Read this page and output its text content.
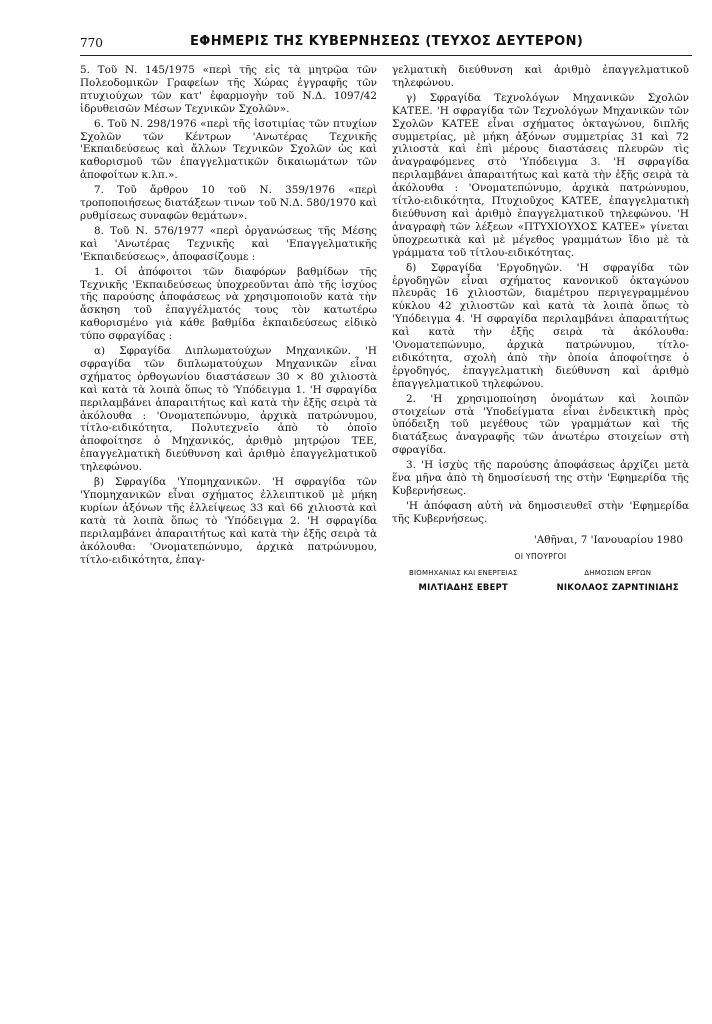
770	ΕΦΗΜΕΡΙΣ ΤΗΣ ΚΥΒΕΡΝΗΣΕΩΣ (ΤΕΥΧΟΣ ΔΕΥΤΕΡΟΝ)

5. Τοῦ Ν. 145/1975 «περὶ τῆς εἰς τὰ μητρῷα τῶν Πολεοδομικῶν Γραφείων τῆς Χώρας ἐγγραφῆς τῶν πτυχιούχων τῶν κατ' ἐφαρμογὴν τοῦ Ν.Δ. 1097/42 ἱδρυθεισῶν Μέσων Τεχνικῶν Σχολῶν».

6. Τοῦ Ν. 298/1976 «περὶ τῆς ἰσοτιμίας τῶν πτυχίων Σχολῶν τῶν Κέντρων 'Ανωτέρας Τεχνικῆς 'Εκπαιδεύσεως καὶ ἄλλων Τεχνικῶν Σχολῶν ὡς καὶ καθορισμοῦ τῶν ἐπαγγελματικῶν δικαιωμάτων τῶν ἀποφοίτων κ.λπ.».

7. Τοῦ ἄρθρου 10 τοῦ Ν. 359/1976 «περὶ τροποποιήσεως διατάξεων τινων τοῦ Ν.Δ. 580/1970 καὶ ρυθμίσεως συναφῶν θεμάτων».

8. Τοῦ Ν. 576/1977 «περὶ ὀργανώσεως τῆς Μέσης καὶ 'Ανωτέρας Τεχνικῆς καὶ 'Επαγγελματικῆς 'Εκπαιδεύσεως», ἀποφασίζουμε :

1. Οἱ ἀπόφοιτοι τῶν διαφόρων βαθμίδων τῆς Τεχνικῆς 'Εκπαιδεύσεως ὑποχρεοῦνται ἀπὸ τῆς ἰσχύος τῆς παρούσης ἀποφάσεως νὰ χρησιμοποιοῦν κατὰ τὴν ἄσκηση τοῦ ἐπαγγέλματός τους τὸν κατωτέρω καθορισμένο γιὰ κάθε βαθμίδα ἐκπαιδεύσεως εἰδικὸ τύπο σφραγίδας :

α) Σφραγίδα Διπλωματούχων Μηχανικῶν. 'Η σφραγίδα τῶν διπλωματούχων Μηχανικῶν εἶναι σχήματος ὀρθογωνίου διαστάσεων 30 × 80 χιλιοστὰ καὶ κατὰ τὰ λοιπὰ ὅπως τὸ 'Υπόδειγμα 1. 'Η σφραγίδα περιλαμβάνει ἀπαραιτήτως καὶ κατὰ τὴν ἑξῆς σειρὰ τὰ ἀκόλουθα : 'Ονοματεπώνυμο, ἀρχικὰ πατρώνυμου, τίτλο-ειδικότητα, Πολυτεχνεῖο ἀπὸ τὸ ὁποῖο ἀποφοίτησε ὁ Μηχανικός, ἀριθμὸ μητρῴου ΤΕΕ, ἐπαγγελματικὴ διεύθυνση καὶ ἀριθμὸ ἐπαγγελματικοῦ τηλεφώνου.

β) Σφραγίδα 'Υπομηχανικῶν. 'Η σφραγίδα τῶν 'Υπομηχανικῶν εἶναι σχήματος ἐλλειπτικοῦ μὲ μήκη κυρίων ἀξόνων τῆς ἐλλείψεως 33 καὶ 66 χιλιοστὰ καὶ κατὰ τὰ λοιπὰ ὅπως τὸ 'Υπόδειγμα 2. 'Η σφραγίδα περιλαμβάνει ἀπαραιτήτως καὶ κατὰ τὴν ἑξῆς σειρὰ τὰ ἀκόλουθα: 'Ονοματεπώνυμο, ἀρχικὰ πατρώνυμου, τίτλο-ειδικότητα, ἐπαγ-

γελματικὴ διεύθυνση καὶ ἀριθμὸ ἐπαγγελματικοῦ τηλεφώνου.

γ) Σφραγίδα Τεχνολόγων Μηχανικῶν Σχολῶν ΚΑΤΕΕ. 'Η σφραγίδα τῶν Τεχνολόγων Μηχανικῶν τῶν Σχολῶν ΚΑΤΕΕ εἶναι σχήματος ὀκταγώνου, διπλῆς συμμετρίας, μὲ μήκη ἀξόνων συμμετρίας 31 καὶ 72 χιλιοστὰ καὶ ἐπὶ μέρους διαστάσεις πλευρῶν τὶς ἀναγραφόμενες στὸ 'Υπόδειγμα 3. 'Η σφραγίδα περιλαμβάνει ἀπαραιτήτως καὶ κατὰ τὴν ἑξῆς σειρὰ τὰ ἀκόλουθα : 'Ονοματεπώνυμο, ἀρχικὰ πατρώνυμου, τίτλο-ειδικότητα, Πτυχιοῦχος ΚΑΤΕΕ, ἐπαγγελματικὴ διεύθυνση καὶ ἀριθμὸ ἐπαγγελματικοῦ τηλεφώνου. 'Η ἀναγραφὴ τῶν λέξεων «ΠΤΥΧΙΟΥΧΟΣ ΚΑΤΕΕ» γίνεται ὑποχρεωτικὰ καὶ μὲ μέγεθος γραμμάτων ἴδιο μὲ τὰ γράμματα τοῦ τίτλου-ειδικότητας.

δ) Σφραγίδα 'Εργοδηγῶν. 'Η σφραγίδα τῶν ἐργοδηγῶν εἶναι σχήματος κανονικοῦ ὀκταγώνου πλευρᾶς 16 χιλιοστῶν, διαμέτρου περιγεγραμμένου κύκλου 42 χιλιοστῶν καὶ κατὰ τὰ λοιπὰ ὅπως τὸ 'Υπόδειγμα 4. 'Η σφραγίδα περιλαμβάνει ἀπαραιτήτως καὶ κατὰ τὴν ἑξῆς σειρὰ τὰ ἀκόλουθα: 'Ονοματεπώνυμο, ἀρχικὰ πατρώνυμου, τίτλο-ειδικότητα, σχολὴ ἀπὸ τὴν ὁποία ἀποφοίτησε ὁ ἐργοδηγός, ἐπαγγελματικὴ διεύθυνση καὶ ἀριθμὸ ἐπαγγελματικοῦ τηλεφώνου.

2. 'Η χρησιμοποίηση ὀνομάτων καὶ λοιπῶν στοιχείων στὰ 'Υποδείγματα εἶναι ἐνδεικτικὴ πρὸς ὑπόδειξη τοῦ μεγέθους τῶν γραμμάτων καὶ τῆς διατάξεως ἀναγραφῆς τῶν ἀνωτέρω στοιχείων στὴ σφραγίδα.

3. 'Η ἰσχὺς τῆς παρούσης ἀποφάσεως ἀρχίζει μετὰ ἕνα μῆνα ἀπὸ τὴ δημοσίευσή της στὴν 'Εφημερίδα τῆς Κυβερνήσεως.

'Η ἀπόφαση αὐτὴ νὰ δημοσιευθεῖ στὴν 'Εφημερίδα τῆς Κυβερνήσεως.

'Αθῆναι, 7 'Ιανουαρίου 1980

ΟΙ ΥΠΟΥΡΓΟΙ

ΒΙΟΜΗΧΑΝΙΑΣ ΚΑΙ ΕΝΕΡΓΕΙΑΣ
ΜΙΛΤΙΑΔΗΣ ΕΒΕΡΤ
ΔΗΜΟΣΙΩΝ ΕΡΓΩΝ
ΝΙΚΟΛΑΟΣ ΖΑΡΝΤΙΝΙΔΗΣ
